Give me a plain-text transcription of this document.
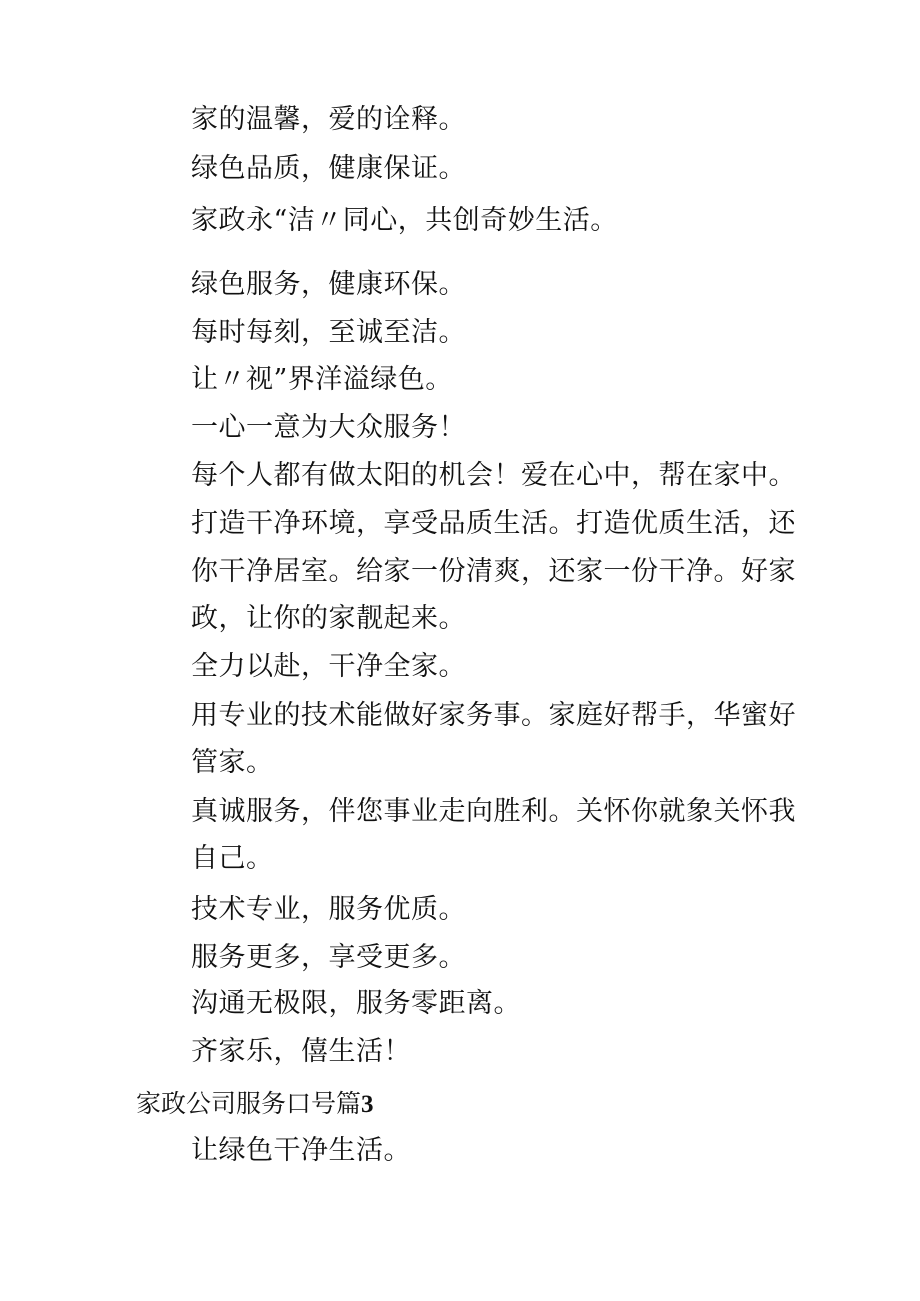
家的温馨，爱的诠释。
绿色品质，健康保证。
家政永“洁〃同心，共创奇妙生活。
绿色服务，健康环保。
每时每刻，至诚至洁。
让〃视”界洋溢绿色。
一心一意为大众服务！
每个人都有做太阳的机会！爱在心中，帮在家中。
打造干净环境，享受品质生活。打造优质生活，还
你干净居室。给家一份清爽，还家一份干净。好家
政，让你的家靓起来。
全力以赴，干净全家。
用专业的技术能做好家务事。家庭好帮手，华蜜好
管家。
真诚服务，伴您事业走向胜利。关怀你就象关怀我
自己。
技术专业，服务优质。
服务更多，享受更多。
沟通无极限，服务零距离。
齐家乐，僖生活！
家政公司服务口号篇3
让绿色干净生活。
